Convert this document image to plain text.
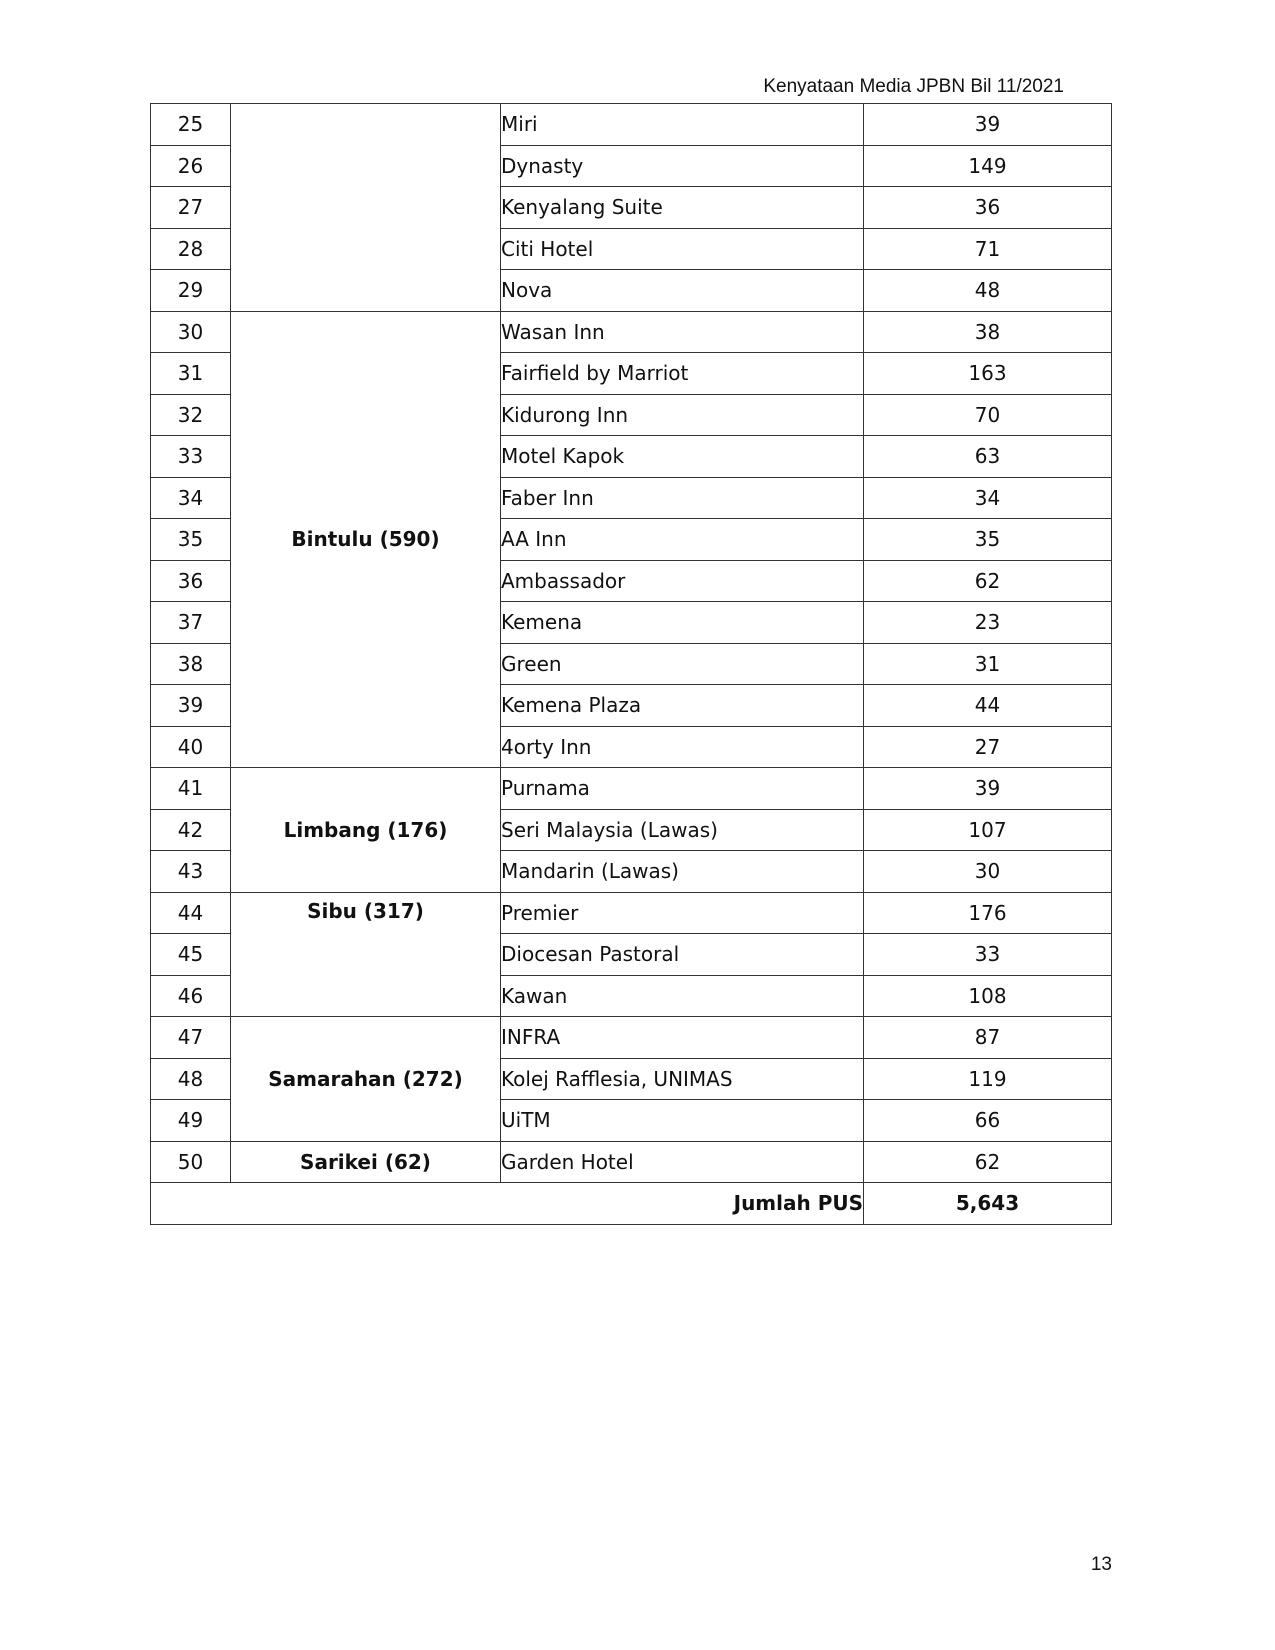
Kenyataan Media JPBN Bil 11/2021
25		Miri	39
26		Dynasty	149
27		Kenyalang Suite	36
28		Citi Hotel	71
29		Nova	48
30	Bintulu (590)	Wasan Inn	38
31		Fairfield by Marriot	163
32		Kidurong Inn	70
33		Motel Kapok	63
34		Faber Inn	34
35		AA Inn	35
36		Ambassador	62
37		Kemena	23
38		Green	31
39		Kemena Plaza	44
40		4orty Inn	27
41	Limbang (176)	Purnama	39
42		Seri Malaysia (Lawas)	107
43		Mandarin (Lawas)	30
44	Sibu (317)	Premier	176
45		Diocesan Pastoral	33
46		Kawan	108
47	Samarahan (272)	INFRA	87
48		Kolej Rafflesia, UNIMAS	119
49		UiTM	66
50	Sarikei (62)	Garden Hotel	62
Jumlah PUS			5,643
13
